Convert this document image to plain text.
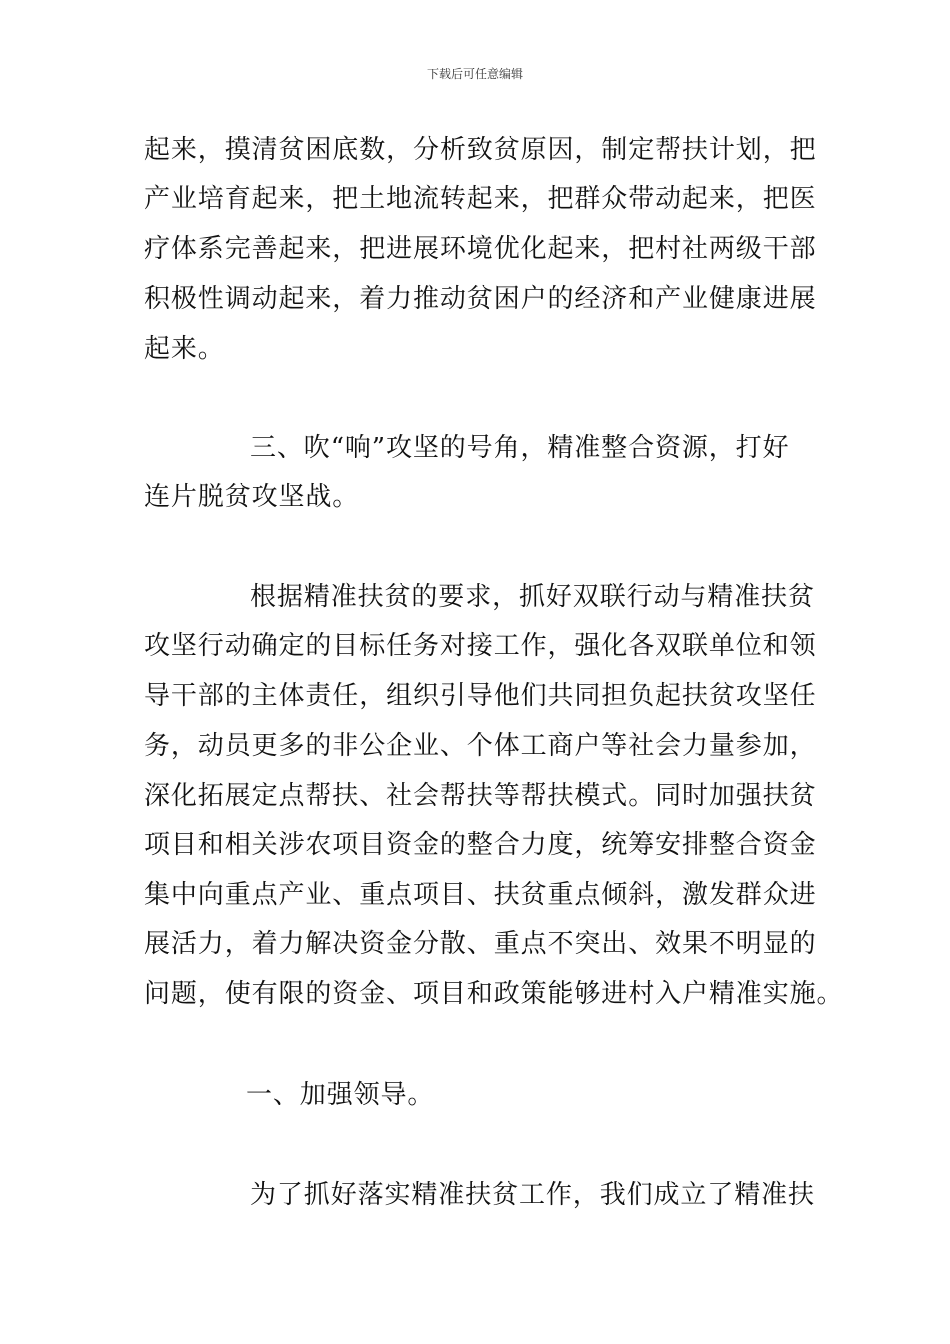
下载后可任意编辑
起来，摸清贫困底数，分析致贫原因，制定帮扶计划，把
产业培育起来，把土地流转起来，把群众带动起来，把医
疗体系完善起来，把进展环境优化起来，把村社两级干部
积极性调动起来，着力推动贫困户的经济和产业健康进展
起来。
三、吹“响”攻坚的号角，精准整合资源，打好
连片脱贫攻坚战。
根据精准扶贫的要求，抓好双联行动与精准扶贫
攻坚行动确定的目标任务对接工作，强化各双联单位和领
导干部的主体责任，组织引导他们共同担负起扶贫攻坚任
务，动员更多的非公企业、个体工商户等社会力量参加，
深化拓展定点帮扶、社会帮扶等帮扶模式。同时加强扶贫
项目和相关涉农项目资金的整合力度，统筹安排整合资金
集中向重点产业、重点项目、扶贫重点倾斜，激发群众进
展活力，着力解决资金分散、重点不突出、效果不明显的
问题，使有限的资金、项目和政策能够进村入户精准实施。
一、加强领导。
为了抓好落实精准扶贫工作，我们成立了精准扶
